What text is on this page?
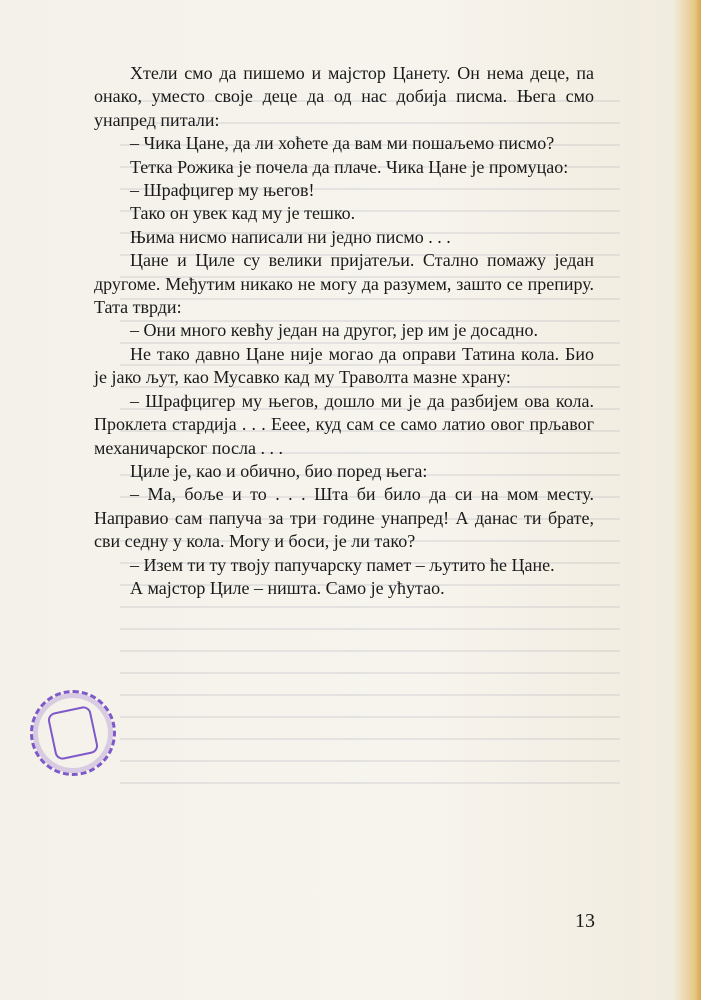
Хтели смо да пишемо и мајстор Цанету. Он нема деце, па онако, уместо своје деце да од нас добија писма. Њега смо унапред питали:

– Чика Цане, да ли хоћете да вам ми пошаљемо писмо?

Тетка Рожика је почела да плаче. Чика Цане је промуцао:

– Шрафцигер му његов!

Тако он увек кад му је тешко.

Њима нисмо написали ни једно писмо . . .

Цане и Циле су велики пријатељи. Стално помажу један другоме. Међутим никако не могу да разумем, зашто се препиру. Тата тврди:

– Они много кевћу један на другог, јер им је досадно.

Не тако давно Цане није могао да оправи Татина кола. Био је јако љут, као Мусавко кад му Траволта мазне храну:

– Шрафцигер му његов, дошло ми је да разбијем ова кола. Проклета стардија . . . Ееее, куд сам се само латио овог прљавог механичарског посла . . .

Циле је, као и обично, био поред њега:

– Ма, боље и то . . . Шта би било да си на мом месту. Направио сам папуча за три године унапред! А данас ти брате, сви седну у кола. Могу и боси, је ли тако?

– Изем ти ту твоју папучарску памет – љутито ће Цане.

А мајстор Циле – ништа. Само је ућутао.

13
